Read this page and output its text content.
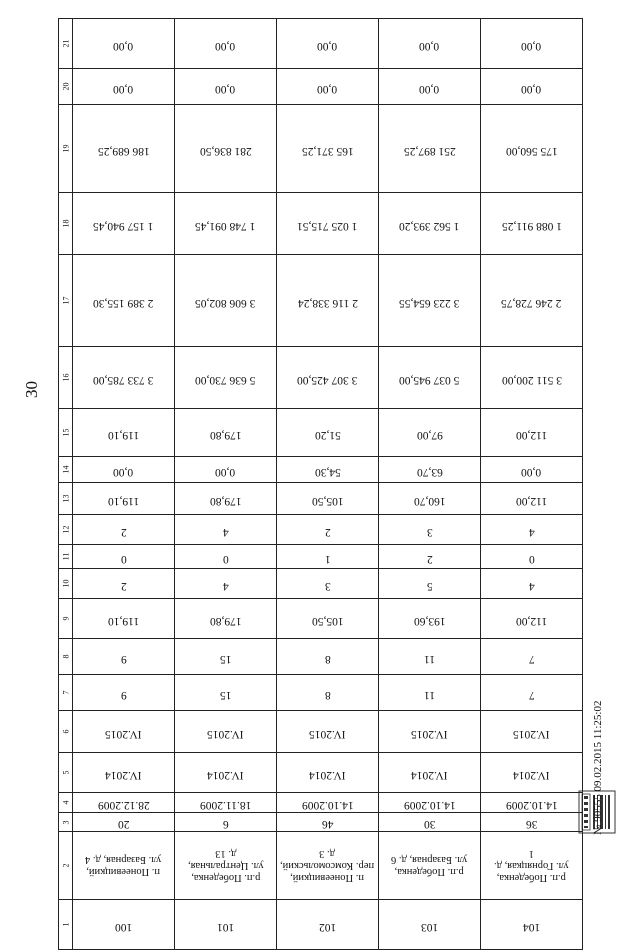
30
21	0,00	0,00	0,00	0,00	0,00
20	0,00	0,00	0,00	0,00	0,00
19	186 689,25	281 836,50	165 371,25	251 897,25	175 560,00
18	1 157 940,45	1 748 091,45	1 025 715,51	1 562 393,20	1 088 911,25
17	2 389 155,30	3 606 802,05	2 116 338,24	3 223 654,55	2 246 728,75
16	3 733 785,00	5 636 730,00	3 307 425,00	5 037 945,00	3 511 200,00
15	119,10	179,80	51,20	97,00	112,00
14	0,00	0,00	54,30	63,70	0,00
13	119,10	179,80	105,50	160,70	112,00
12	2	4	2	3	4
11	0	0	1	2	0
10	2	4	3	5	4
9	119,10	179,80	105,50	193,60	112,00
8	9	15	8	11	7
7	9	15	8	11	7
6	IV.2015	IV.2015	IV.2015	IV.2015	IV.2015
5	IV.2014	IV.2014	IV.2014	IV.2014	IV.2014
4	28.12.2009	18.11.2009	14.10.2009	14.10.2009	14.10.2009
3	20	6	46	30	36
2	п. Понеевицкий,
ул. Базарная, д. 4	р.п. Победенка,
ул. Центральная,
д. 13	п. Понеевицкий,
пер. Комсомольский,
д. 3	р.п. Победенка,
ул. Базарная, д. 6	р.п. Победенка,
ул. Горняцкая, д.
1
1	100	101	102	103	104
№ 90555 09.02.2015 11:25:02
